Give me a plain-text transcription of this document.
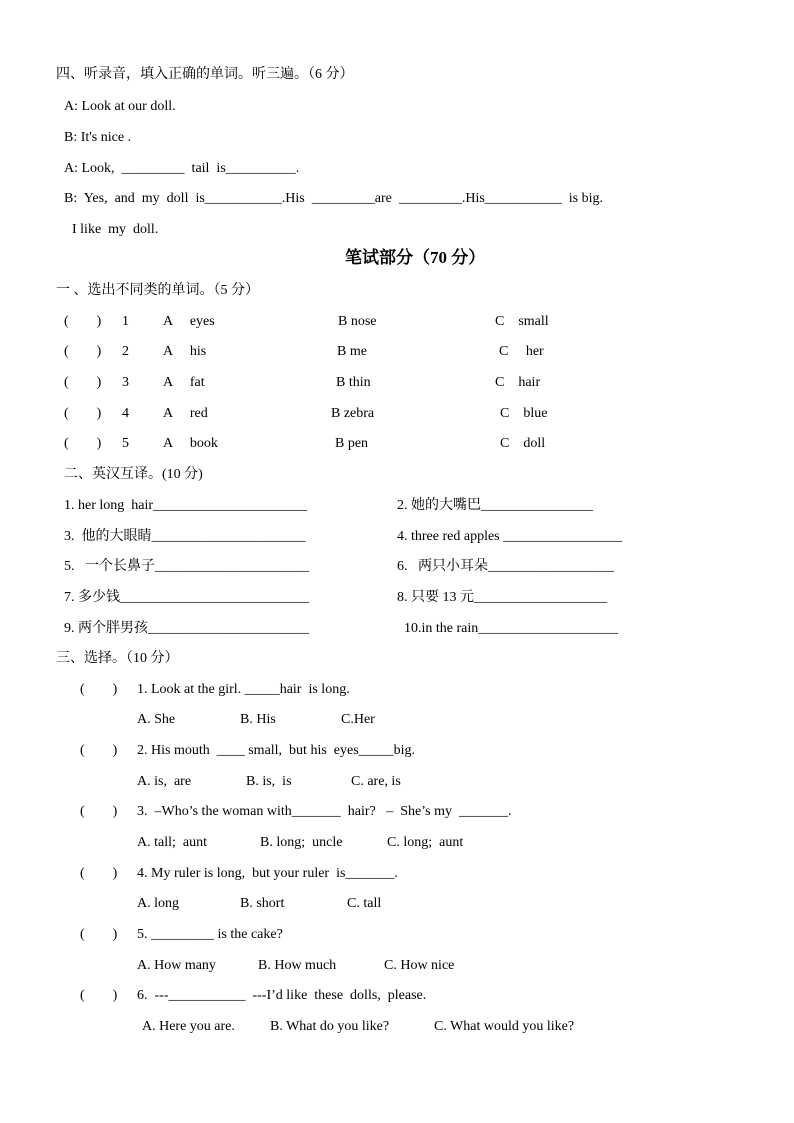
四、听录音，填入正确的单词。听三遍。（6 分）
A: Look at our doll.
B: It's nice .
A: Look,  _________  tail  is__________.
B:  Yes,  and  my  doll  is___________.His  _________are  _________.His___________  is big.
I like  my  doll.
笔试部分（70 分）
一 、选出不同类的单词。（5 分）
(　　) 1 A　 eyes	B nose	C　small
(　　) 2 A　 his	B me	C　 her
(　　) 3 A　 fat	B thin	C　hair
(　　) 4 A　 red	B zebra	C　blue
(　　) 5 A　 book	B pen	C　doll
二、英汉互译。(10 分)
1. her long  hair______________________	2. 她的大嘴巴________________
3.  他的大眼睛______________________	4. three red apples _________________
5.   一个长鼻子______________________	6.   两只小耳朵__________________
7. 多少钱___________________________	8. 只要 13 元___________________
9. 两个胖男孩_______________________	10.in the rain____________________
三、选择。（10 分）
(　　) 1. Look at the girl. _____hair  is long.
A. She	B. His	C.Her
(　　) 2. His mouth  ____ small,  but his  eyes_____big.
A. is,  are	B. is,  is	C. are, is
(　　) 3.  –Who’s the woman with_______  hair?   –  She’s my  _______.
A. tall;  aunt	B. long;  uncle	C. long;  aunt
(　　) 4. My ruler is long,  but your ruler  is_______.
A. long	B. short	C. tall
(　　) 5. _________ is the cake?
A. How many	B. How much	C. How nice
(　　) 6.  ---___________  ---I’d like  these  dolls,  please.
A. Here you are.	B. What do you like?	C. What would you like?
